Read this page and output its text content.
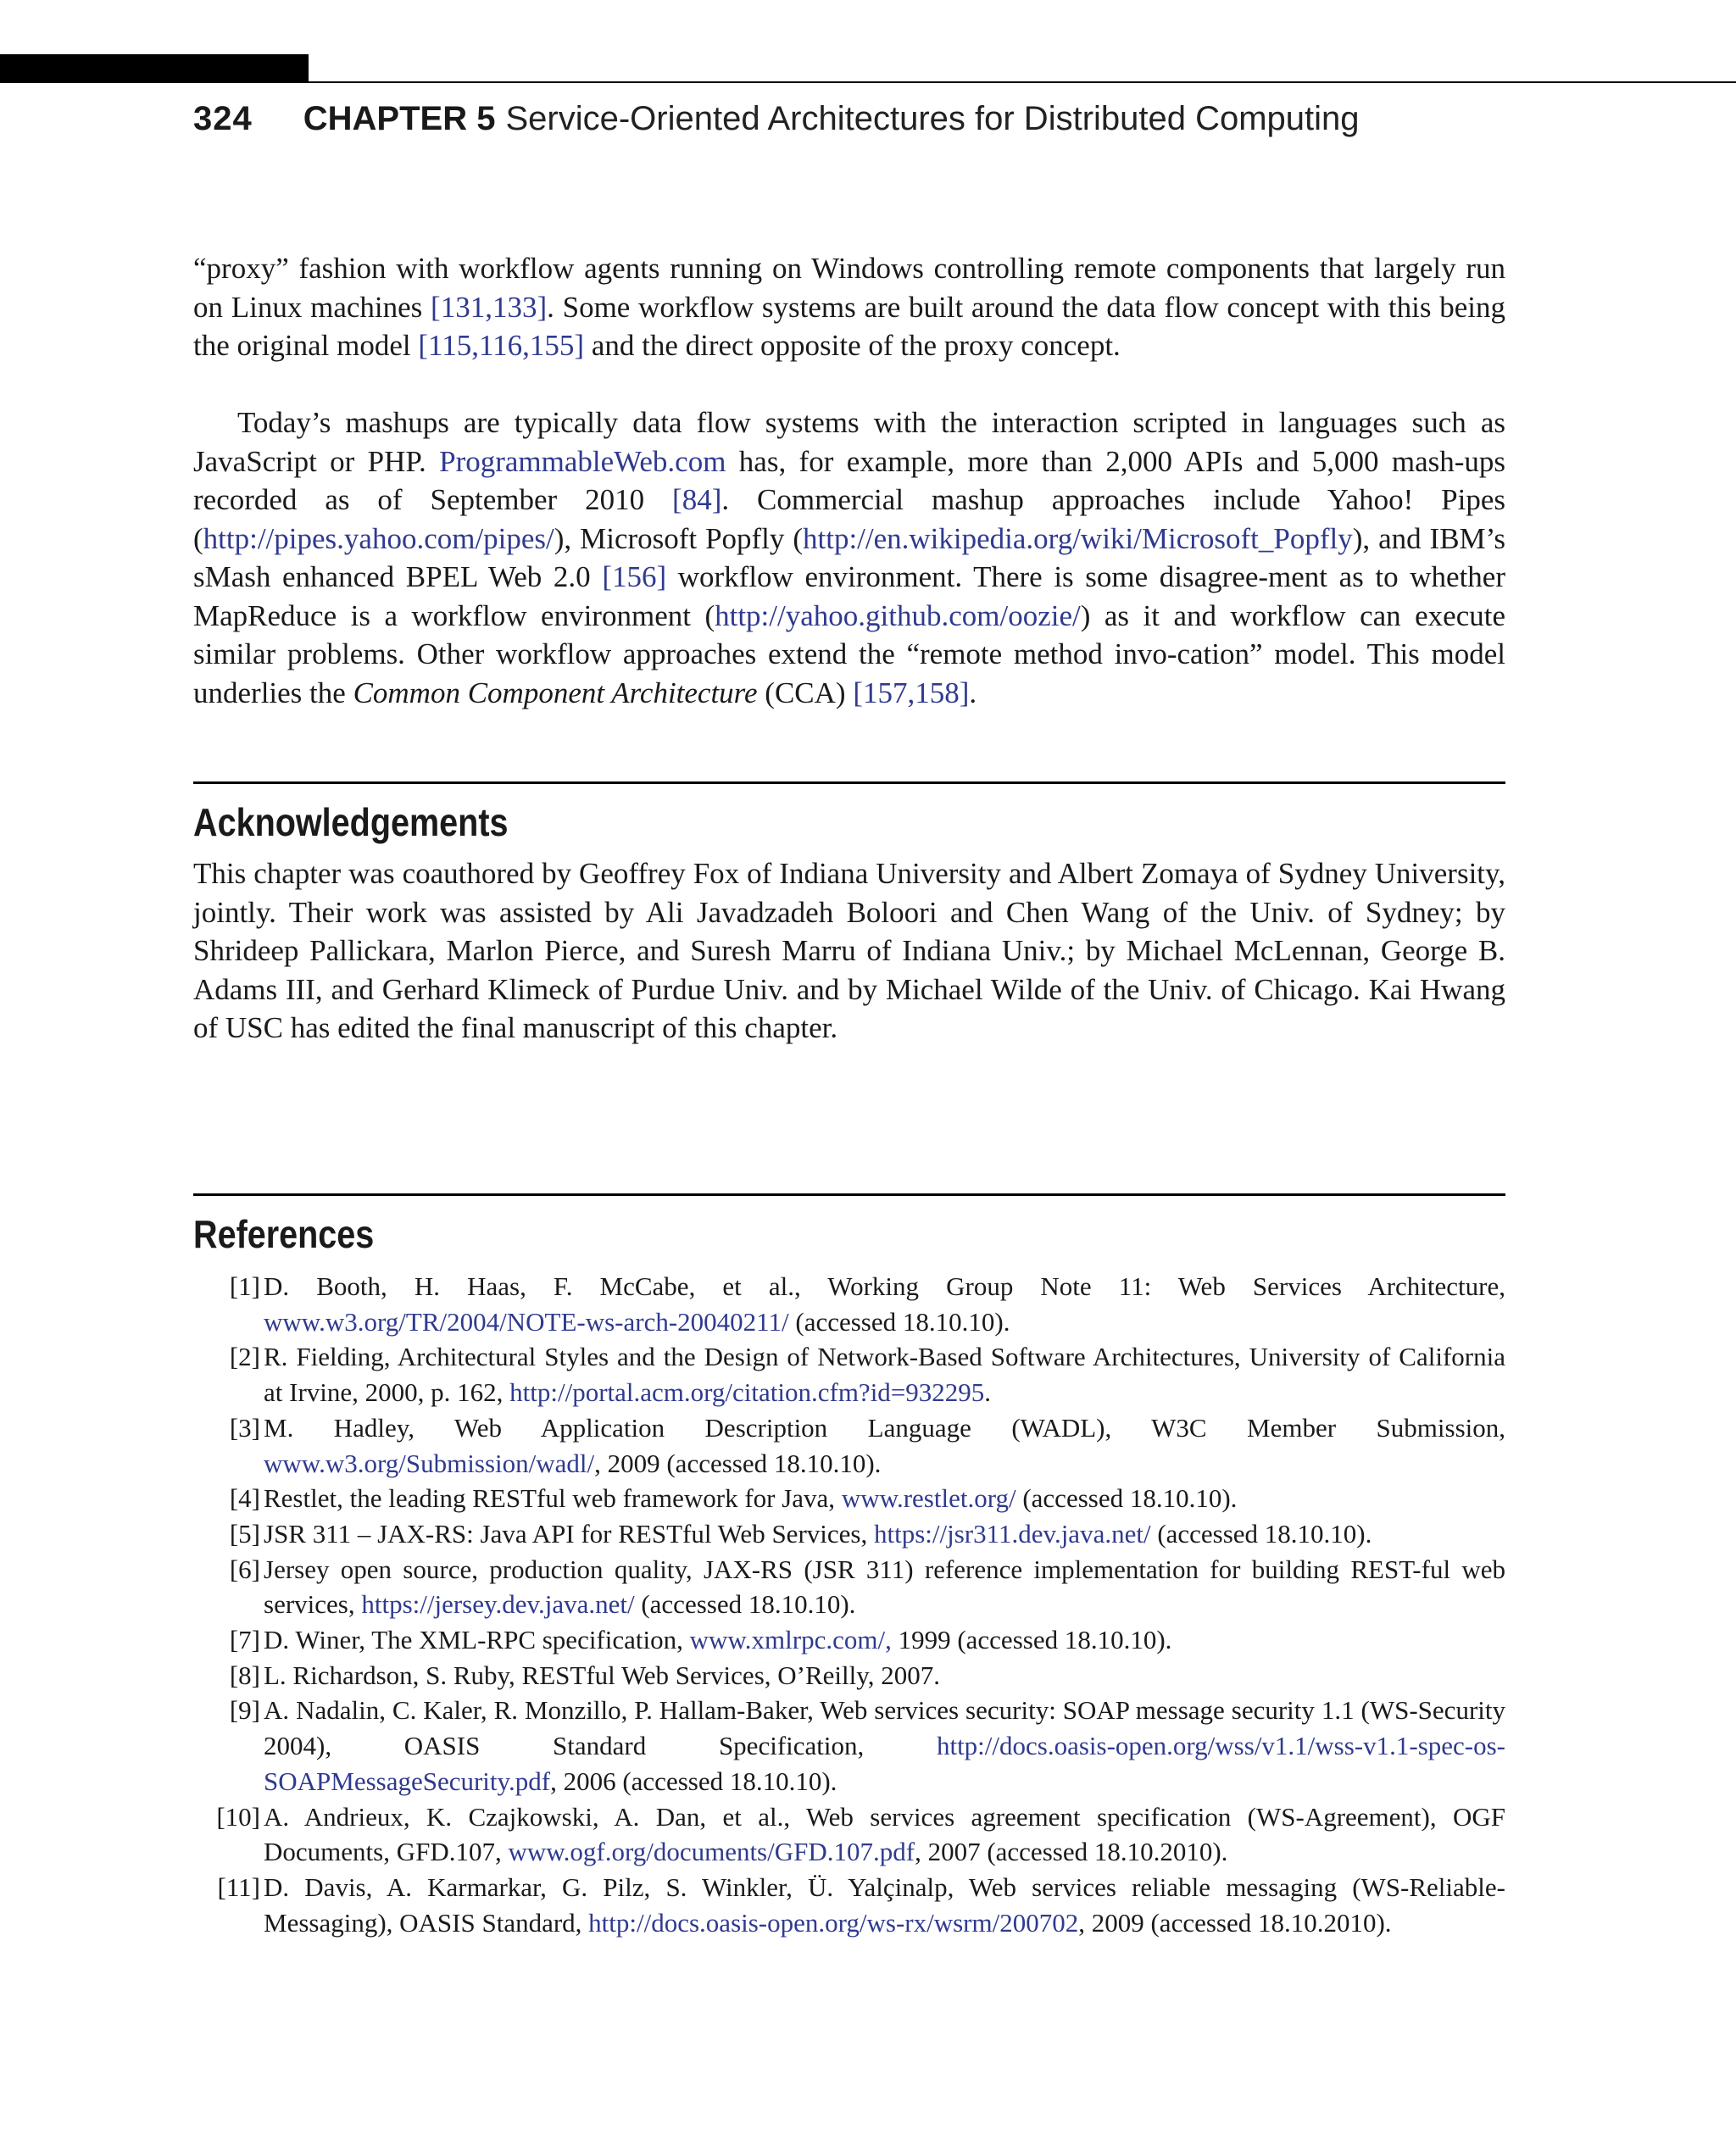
324 CHAPTER 5 Service-Oriented Architectures for Distributed Computing

“proxy” fashion with workflow agents running on Windows controlling remote components that largely run on Linux machines [131,133]. Some workflow systems are built around the data flow concept with this being the original model [115,116,155] and the direct opposite of the proxy concept.

Today’s mashups are typically data flow systems with the interaction scripted in languages such as JavaScript or PHP. ProgrammableWeb.com has, for example, more than 2,000 APIs and 5,000 mash-ups recorded as of September 2010 [84]. Commercial mashup approaches include Yahoo! Pipes (http://pipes.yahoo.com/pipes/), Microsoft Popfly (http://en.wikipedia.org/wiki/Microsoft_Popfly), and IBM’s sMash enhanced BPEL Web 2.0 [156] workflow environment. There is some disagree-ment as to whether MapReduce is a workflow environment (http://yahoo.github.com/oozie/) as it and workflow can execute similar problems. Other workflow approaches extend the “remote method invo-cation” model. This model underlies the Common Component Architecture (CCA) [157,158].

Acknowledgements

This chapter was coauthored by Geoffrey Fox of Indiana University and Albert Zomaya of Sydney University, jointly. Their work was assisted by Ali Javadzadeh Boloori and Chen Wang of the Univ. of Sydney; by Shrideep Pallickara, Marlon Pierce, and Suresh Marru of Indiana Univ.; by Michael McLennan, George B. Adams III, and Gerhard Klimeck of Purdue Univ. and by Michael Wilde of the Univ. of Chicago. Kai Hwang of USC has edited the final manuscript of this chapter.

References
[1] D. Booth, H. Haas, F. McCabe, et al., Working Group Note 11: Web Services Architecture, www.w3.org/TR/2004/NOTE-ws-arch-20040211/ (accessed 18.10.10).
[2] R. Fielding, Architectural Styles and the Design of Network-Based Software Architectures, University of California at Irvine, 2000, p. 162, http://portal.acm.org/citation.cfm?id=932295.
[3] M. Hadley, Web Application Description Language (WADL), W3C Member Submission, www.w3.org/Submission/wadl/, 2009 (accessed 18.10.10).
[4] Restlet, the leading RESTful web framework for Java, www.restlet.org/ (accessed 18.10.10).
[5] JSR 311 – JAX-RS: Java API for RESTful Web Services, https://jsr311.dev.java.net/ (accessed 18.10.10).
[6] Jersey open source, production quality, JAX-RS (JSR 311) reference implementation for building REST-ful web services, https://jersey.dev.java.net/ (accessed 18.10.10).
[7] D. Winer, The XML-RPC specification, www.xmlrpc.com/, 1999 (accessed 18.10.10).
[8] L. Richardson, S. Ruby, RESTful Web Services, O’Reilly, 2007.
[9] A. Nadalin, C. Kaler, R. Monzillo, P. Hallam-Baker, Web services security: SOAP message security 1.1 (WS-Security 2004), OASIS Standard Specification, http://docs.oasis-open.org/wss/v1.1/wss-v1.1-spec-os-SOAPMessageSecurity.pdf, 2006 (accessed 18.10.10).
[10] A. Andrieux, K. Czajkowski, A. Dan, et al., Web services agreement specification (WS-Agreement), OGF Documents, GFD.107, www.ogf.org/documents/GFD.107.pdf, 2007 (accessed 18.10.2010).
[11] D. Davis, A. Karmarkar, G. Pilz, S. Winkler, Ü. Yalçinalp, Web services reliable messaging (WS-Reliable-Messaging), OASIS Standard, http://docs.oasis-open.org/ws-rx/wsrm/200702, 2009 (accessed 18.10.2010).
